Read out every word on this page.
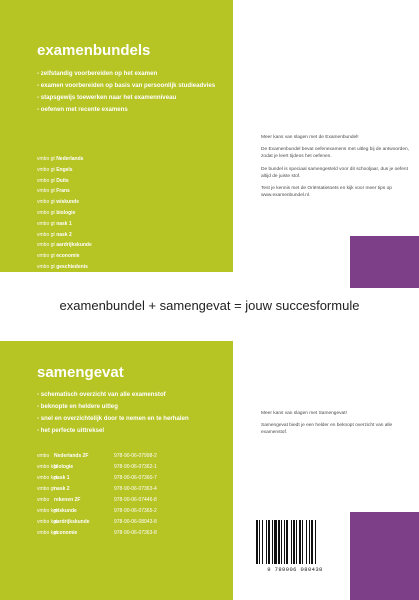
examenbundels
- zelfstandig voorbereiden op het examen
- examen voorbereiden op basis van persoonlijk studieadvies
- stapsgewijs toewerken naar het examenniveau
- oefenen met recente examens
vmbo gt Nederlands
vmbo gt Engels
vmbo gt Duits
vmbo gt Frans
vmbo gt wiskunde
vmbo gt biologie
vmbo gt nask 1
vmbo gt nask 2
vmbo gt aardrijkskunde
vmbo gt economie
vmbo gt geschiedenis
vmbo gt maatschappijleer 2

Meer kans van slagen met de Examenbundel!

De Examenbundel bevat oefenexamens met uitleg bij de antwoorden, zodat je leert tijdens het oefenen.

De bundel is speciaal samengesteld voor dit schooljaar, dus je oefent altijd de juiste stof.

Test je kennis met de Oriëntatietoets en kijk voor meer tips op www.examenbundel.nl.

examenbundel + samengevat = jouw succesformule
samengevat
- schematisch overzicht van alle examenstof
- beknopte en heldere uitleg
- snel en overzichtelijk door te nemen en te herhalen
- het perfecte uittreksel
vmbo Nederlands 2F	978-90-06-07998-2
vmbo kgtbiologie	978-90-06-07362-1
vmbo kgtnask 1	978-90-06-07360-7
vmbo gtnask 2	978-90-06-07363-4
vmbo rekenen 2F	978-90-06-07446-8
vmbo kgtwiskunde	978-90-06-07365-2
vmbo kgtaardrijkskunde	978-90-06-08043-8
vmbo kgteconomie	978-90-06-07363-8

Meer kans van slagen met Samengevat!

Samengevat biedt je een helder en beknopt overzicht van alle examenstof.

9 789006 080438
